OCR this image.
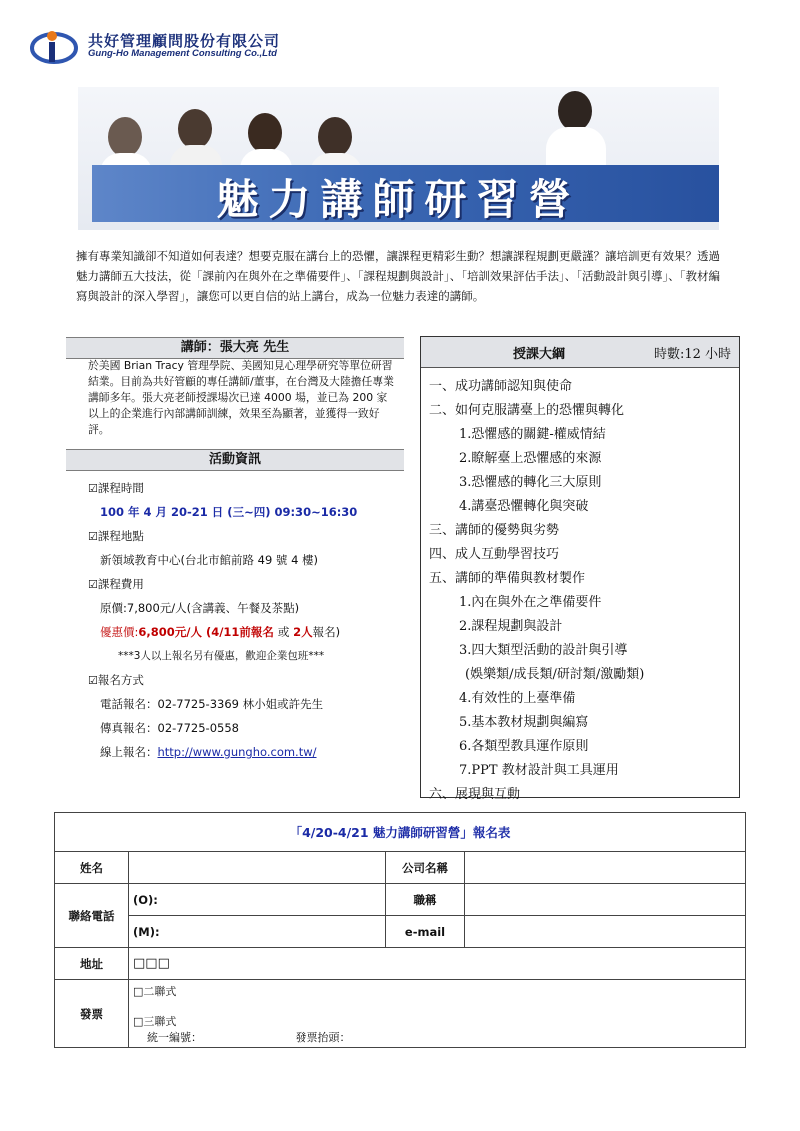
共好管理顧問股份有限公司
Gung-Ho Management Consulting Co.,Ltd
魅力講師研習營
擁有專業知識卻不知道如何表達？想要克服在講台上的恐懼，讓課程更精彩生動？想讓課程規劃更嚴謹？讓培訓更有效果？透過魅力講師五大技法，從「課前內在與外在之準備要件」、「課程規劃與設計」、「培訓效果評估手法」、「活動設計與引導」、「教材編寫與設計的深入學習」，讓您可以更自信的站上講台，成為一位魅力表達的講師。
講師：張大亮 先生
於美國 Brian Tracy 管理學院、美國知見心理學研究等單位研習結業。目前為共好管顧的專任講師/董事，在台灣及大陸擔任專業講師多年。張大亮老師授課場次已達 4000 場，並已為 200 家以上的企業進行內部講師訓練，效果至為顯著，並獲得一致好評。
活動資訊
☑課程時間
100 年 4 月 20-21 日 (三~四) 09:30~16:30
☑課程地點
新領域教育中心(台北市館前路 49 號 4 樓)
☑課程費用
原價:7,800元/人(含講義、午餐及茶點)
優惠價:6,800元/人 (4/11前報名 或 2人報名)
***3人以上報名另有優惠，歡迎企業包班***
☑報名方式
電話報名：02-7725-3369 林小姐或許先生
傳真報名：02-7725-0558
線上報名：http://www.gungho.com.tw/
授課大綱	時數:12 小時
一、成功講師認知與使命
二、如何克服講臺上的恐懼與轉化
1.恐懼感的關鍵-權威情結
2.瞭解臺上恐懼感的來源
3.恐懼感的轉化三大原則
4.講臺恐懼轉化與突破
三、講師的優勢與劣勢
四、成人互動學習技巧
五、講師的準備與教材製作
1.內在與外在之準備要件
2.課程規劃與設計
3.四大類型活動的設計與引導
(娛樂類/成長類/研討類/激勵類)
4.有效性的上臺準備
5.基本教材規劃與編寫
6.各類型教具運作原則
7.PPT 教材設計與工具運用
六、展現與互動
「4/20-4/21 魅力講師研習營」報名表			
姓名		公司名稱	
聯絡電話	(O):	職稱	
	(M):	e-mail	
地址	□□□		
發票	□二聯式
□三聯式
統一編號： 發票抬頭：		
